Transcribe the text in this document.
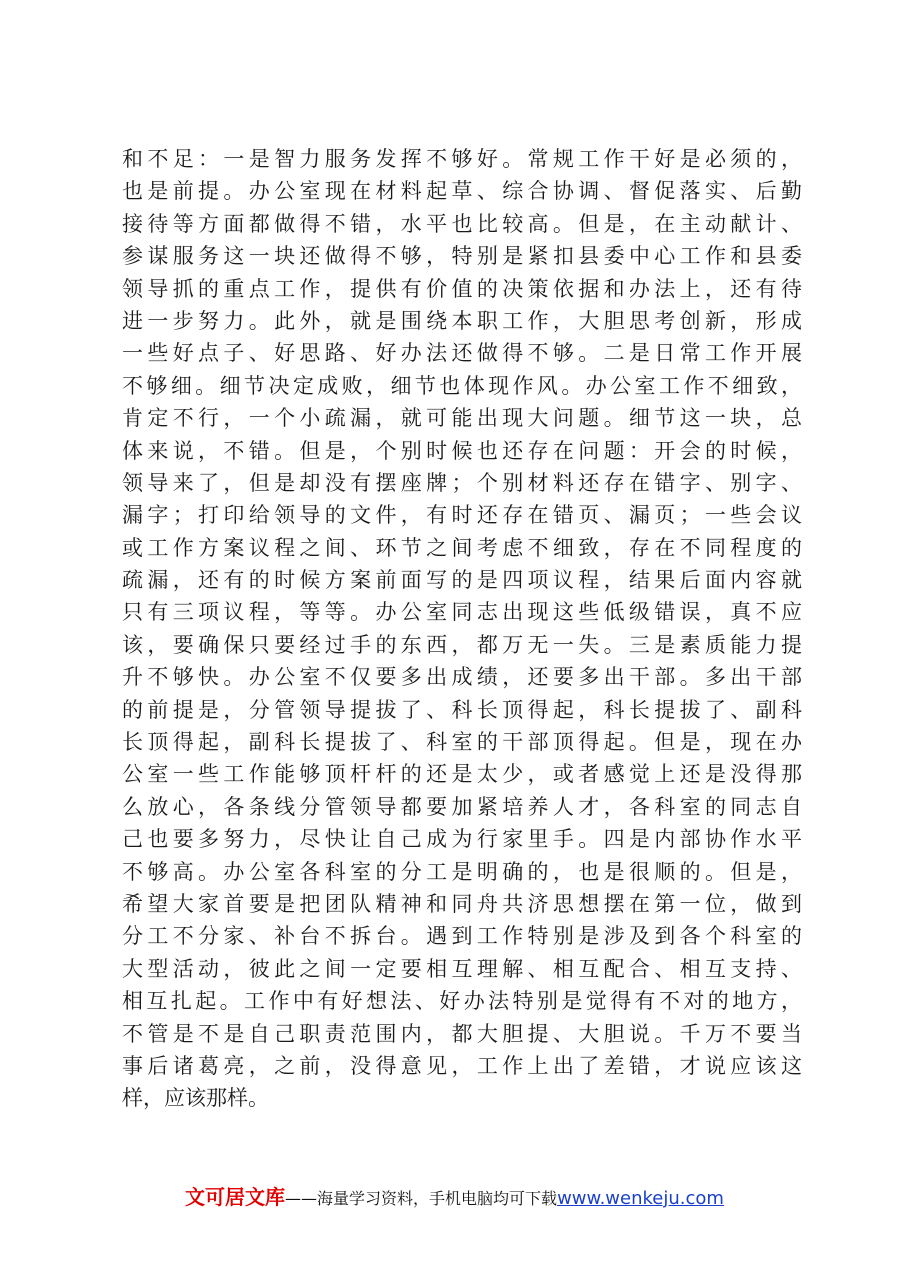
和不足：一是智力服务发挥不够好。常规工作干好是必须的，
也是前提。办公室现在材料起草、综合协调、督促落实、后勤
接待等方面都做得不错，水平也比较高。但是，在主动献计、
参谋服务这一块还做得不够，特别是紧扣县委中心工作和县委
领导抓的重点工作，提供有价值的决策依据和办法上，还有待
进一步努力。此外，就是围绕本职工作，大胆思考创新，形成
一些好点子、好思路、好办法还做得不够。二是日常工作开展
不够细。细节决定成败，细节也体现作风。办公室工作不细致，
肯定不行，一个小疏漏，就可能出现大问题。细节这一块，总
体来说，不错。但是，个别时候也还存在问题：开会的时候，
领导来了，但是却没有摆座牌；个别材料还存在错字、别字、
漏字；打印给领导的文件，有时还存在错页、漏页；一些会议
或工作方案议程之间、环节之间考虑不细致，存在不同程度的
疏漏，还有的时候方案前面写的是四项议程，结果后面内容就
只有三项议程，等等。办公室同志出现这些低级错误，真不应
该，要确保只要经过手的东西，都万无一失。三是素质能力提
升不够快。办公室不仅要多出成绩，还要多出干部。多出干部
的前提是，分管领导提拔了、科长顶得起，科长提拔了、副科
长顶得起，副科长提拔了、科室的干部顶得起。但是，现在办
公室一些工作能够顶杆杆的还是太少，或者感觉上还是没得那
么放心，各条线分管领导都要加紧培养人才，各科室的同志自
己也要多努力，尽快让自己成为行家里手。四是内部协作水平
不够高。办公室各科室的分工是明确的，也是很顺的。但是，
希望大家首要是把团队精神和同舟共济思想摆在第一位，做到
分工不分家、补台不拆台。遇到工作特别是涉及到各个科室的
大型活动，彼此之间一定要相互理解、相互配合、相互支持、
相互扎起。工作中有好想法、好办法特别是觉得有不对的地方，
不管是不是自己职责范围内，都大胆提、大胆说。千万不要当
事后诸葛亮，之前，没得意见，工作上出了差错，才说应该这
样，应该那样。
文可居文库——海量学习资料，手机电脑均可下载www.wenkeju.com
